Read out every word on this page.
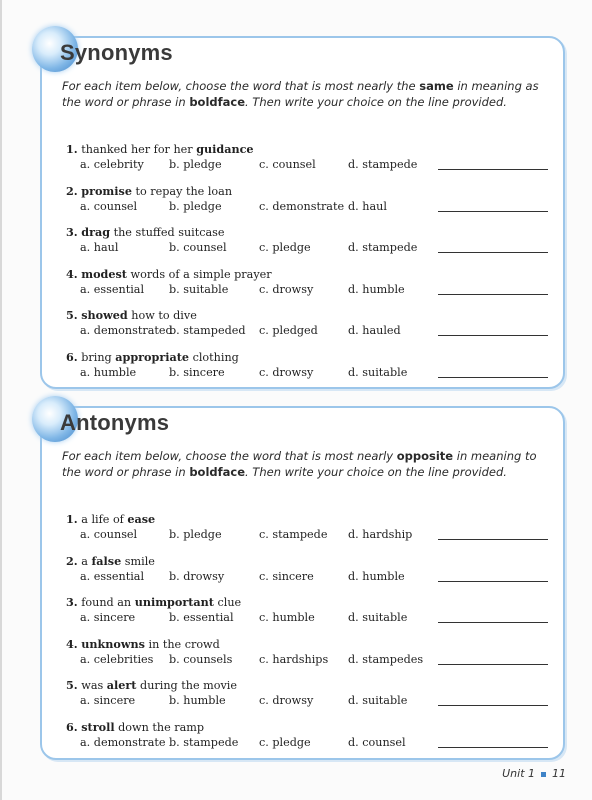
Synonyms
For each item below, choose the word that is most nearly the same in meaning as the word or phrase in boldface. Then write your choice on the line provided.
1. thanked her for her guidance
a. celebrity b. pledge	c. counsel	d. stampede
2. promise to repay the loan
a. counsel	b. pledge	c. demonstrate d. haul
3. drag the stuffed suitcase
a. haul	b. counsel	c. pledge	d. stampede
4. modest words of a simple prayer
a. essential b. suitable	c. drowsy	d. humble
5. showed how to dive
a. demonstrated
b. stampeded c. pledged	d. hauled
6. bring appropriate clothing
a. humble	b. sincere	c. drowsy	d. suitable
Antonyms
For each item below, choose the word that is most nearly opposite in meaning to the word or phrase in boldface. Then write your choice on the line provided.
1. a life of ease
a. counsel	b. pledge	c. stampede d. hardship
2. a false smile
a. essential b. drowsy	c. sincere	d. humble
3. found an unimportant clue
a. sincere	b. essential c. humble	d. suitable
4. unknowns in the crowd
a. celebrities b. counsels c. hardships d. stampedes
5. was alert during the movie
a. sincere	b. humble	c. drowsy	d. suitable
6. stroll down the ramp
a. demonstrate b. stampede c. pledge	d. counsel
Unit 1 11
